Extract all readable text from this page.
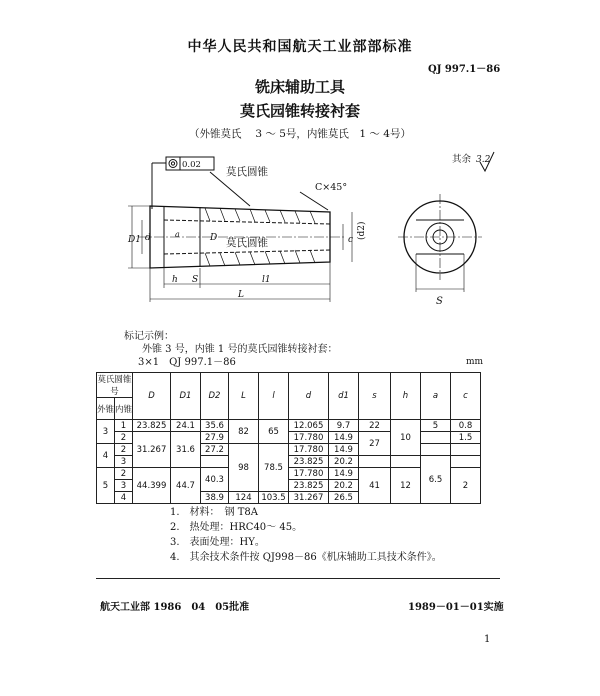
中华人民共和国航天工业部部标准
QJ 997.1－86
铣床辅助工具
莫氏园锥转接衬套
（外锥莫氏　 3 ～ 5号，内锥莫氏　1 ～ 4号）
0.02	其余 3.2
莫氏圆锥
莫氏圆锥
C×45°
(d2)
D1 d	D
a
c
h S	l1
L
S
标记示例：
外锥 3 号，内锥 1 号的莫氏园锥转接衬套：
3×1　QJ 997.1－86	mm
莫氏圆锥号		D	D1	D2	L	l	d	d1	s	h	a	c
外锥	内锥											
3	1	23.825	24.1	35.6	82	65	12.065	9.7	22	10	5	0.8
	2	31.267	31.6	27.9			17.780	14.9	27			1.5
4	2			27.2	98	78.5	17.780	14.9				
	3						23.825	20.2			6.5	
5	2	44.399	44.7	40.3			17.780	14.9	41	12		2
	3						23.825	20.2				
	4			38.9	124	103.5	31.267	26.5				
1.　材料：　钢 T8A
2.　热处理：HRC40～ 45。
3.　表面处理：HY。
4.　其余技术条件按 QJ998－86《机床辅助工具技术条件》。
航天工业部 1986　04　05批准	1989－01－01实施
1
